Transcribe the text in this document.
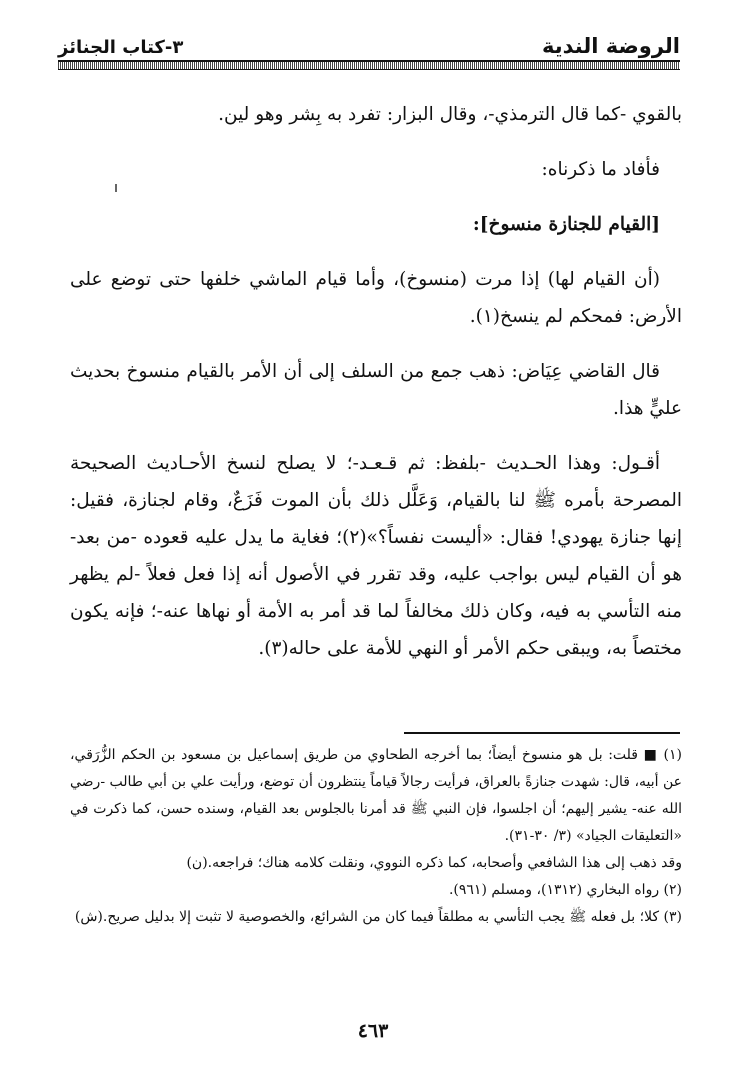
الروضة الندية
٣-كتاب الجنائز

بالقوي -كما قال الترمذي-، وقال البزار: تفرد به بِشر وهو لين.

فأفاد ما ذكرناه:

[القيام للجنازة منسوخ]:

(أن القيام لها) إذا مرت (منسوخ)، وأما قيام الماشي خلفها حتى توضع على الأرض: فمحكم لم ينسخ(١).

قال القاضي عِيَاض: ذهب جمع من السلف إلى أن الأمر بالقيام منسوخ بحديث عليٍّ هذا.

أقـول: وهذا الحـديث -بلفظ: ثم قـعـد-؛ لا يصلح لنسخ الأحـاديث الصحيحة المصرحة بأمره ﷺ لنا بالقيام، وَعَلَّل ذلك بأن الموت فَزَعٌ، وقام لجنازة، فقيل: إنها جنازة يهودي! فقال: «أليست نفساً؟»(٢)؛ فغاية ما يدل عليه قعوده -من بعد- هو أن القيام ليس بواجب عليه، وقد تقرر في الأصول أنه إذا فعل فعلاً -لم يظهر منه التأسي به فيه، وكان ذلك مخالفاً لما قد أمر به الأمة أو نهاها عنه-؛ فإنه يكون مختصاً به، ويبقى حكم الأمر أو النهي للأمة على حاله(٣).

(١) ■ قلت: بل هو منسوخ أيضاً؛ بما أخرجه الطحاوي من طريق إسماعيل بن مسعود بن الحكم الزُّرَقي، عن أبيه، قال: شهدت جنازةً بالعراق، فرأيت رجالاً قياماً ينتظرون أن توضع، ورأيت علي بن أبي طالب -رضي الله عنه- يشير إليهم؛ أن اجلسوا، فإن النبي ﷺ قد أمرنا بالجلوس بعد القيام، وسنده حسن، كما ذكرت في «التعليقات الجياد» (٣/ ٣٠-٣١).

وقد ذهب إلى هذا الشافعي وأصحابه، كما ذكره النووي، ونقلت كلامه هناك؛ فراجعه.(ن)

(٢) رواه البخاري (١٣١٢)، ومسلم (٩٦١).

(٣) كلا؛ بل فعله ﷺ يجب التأسي به مطلقاً فيما كان من الشرائع، والخصوصية لا تثبت إلا بدليل صريح.(ش)

٤٦٣
